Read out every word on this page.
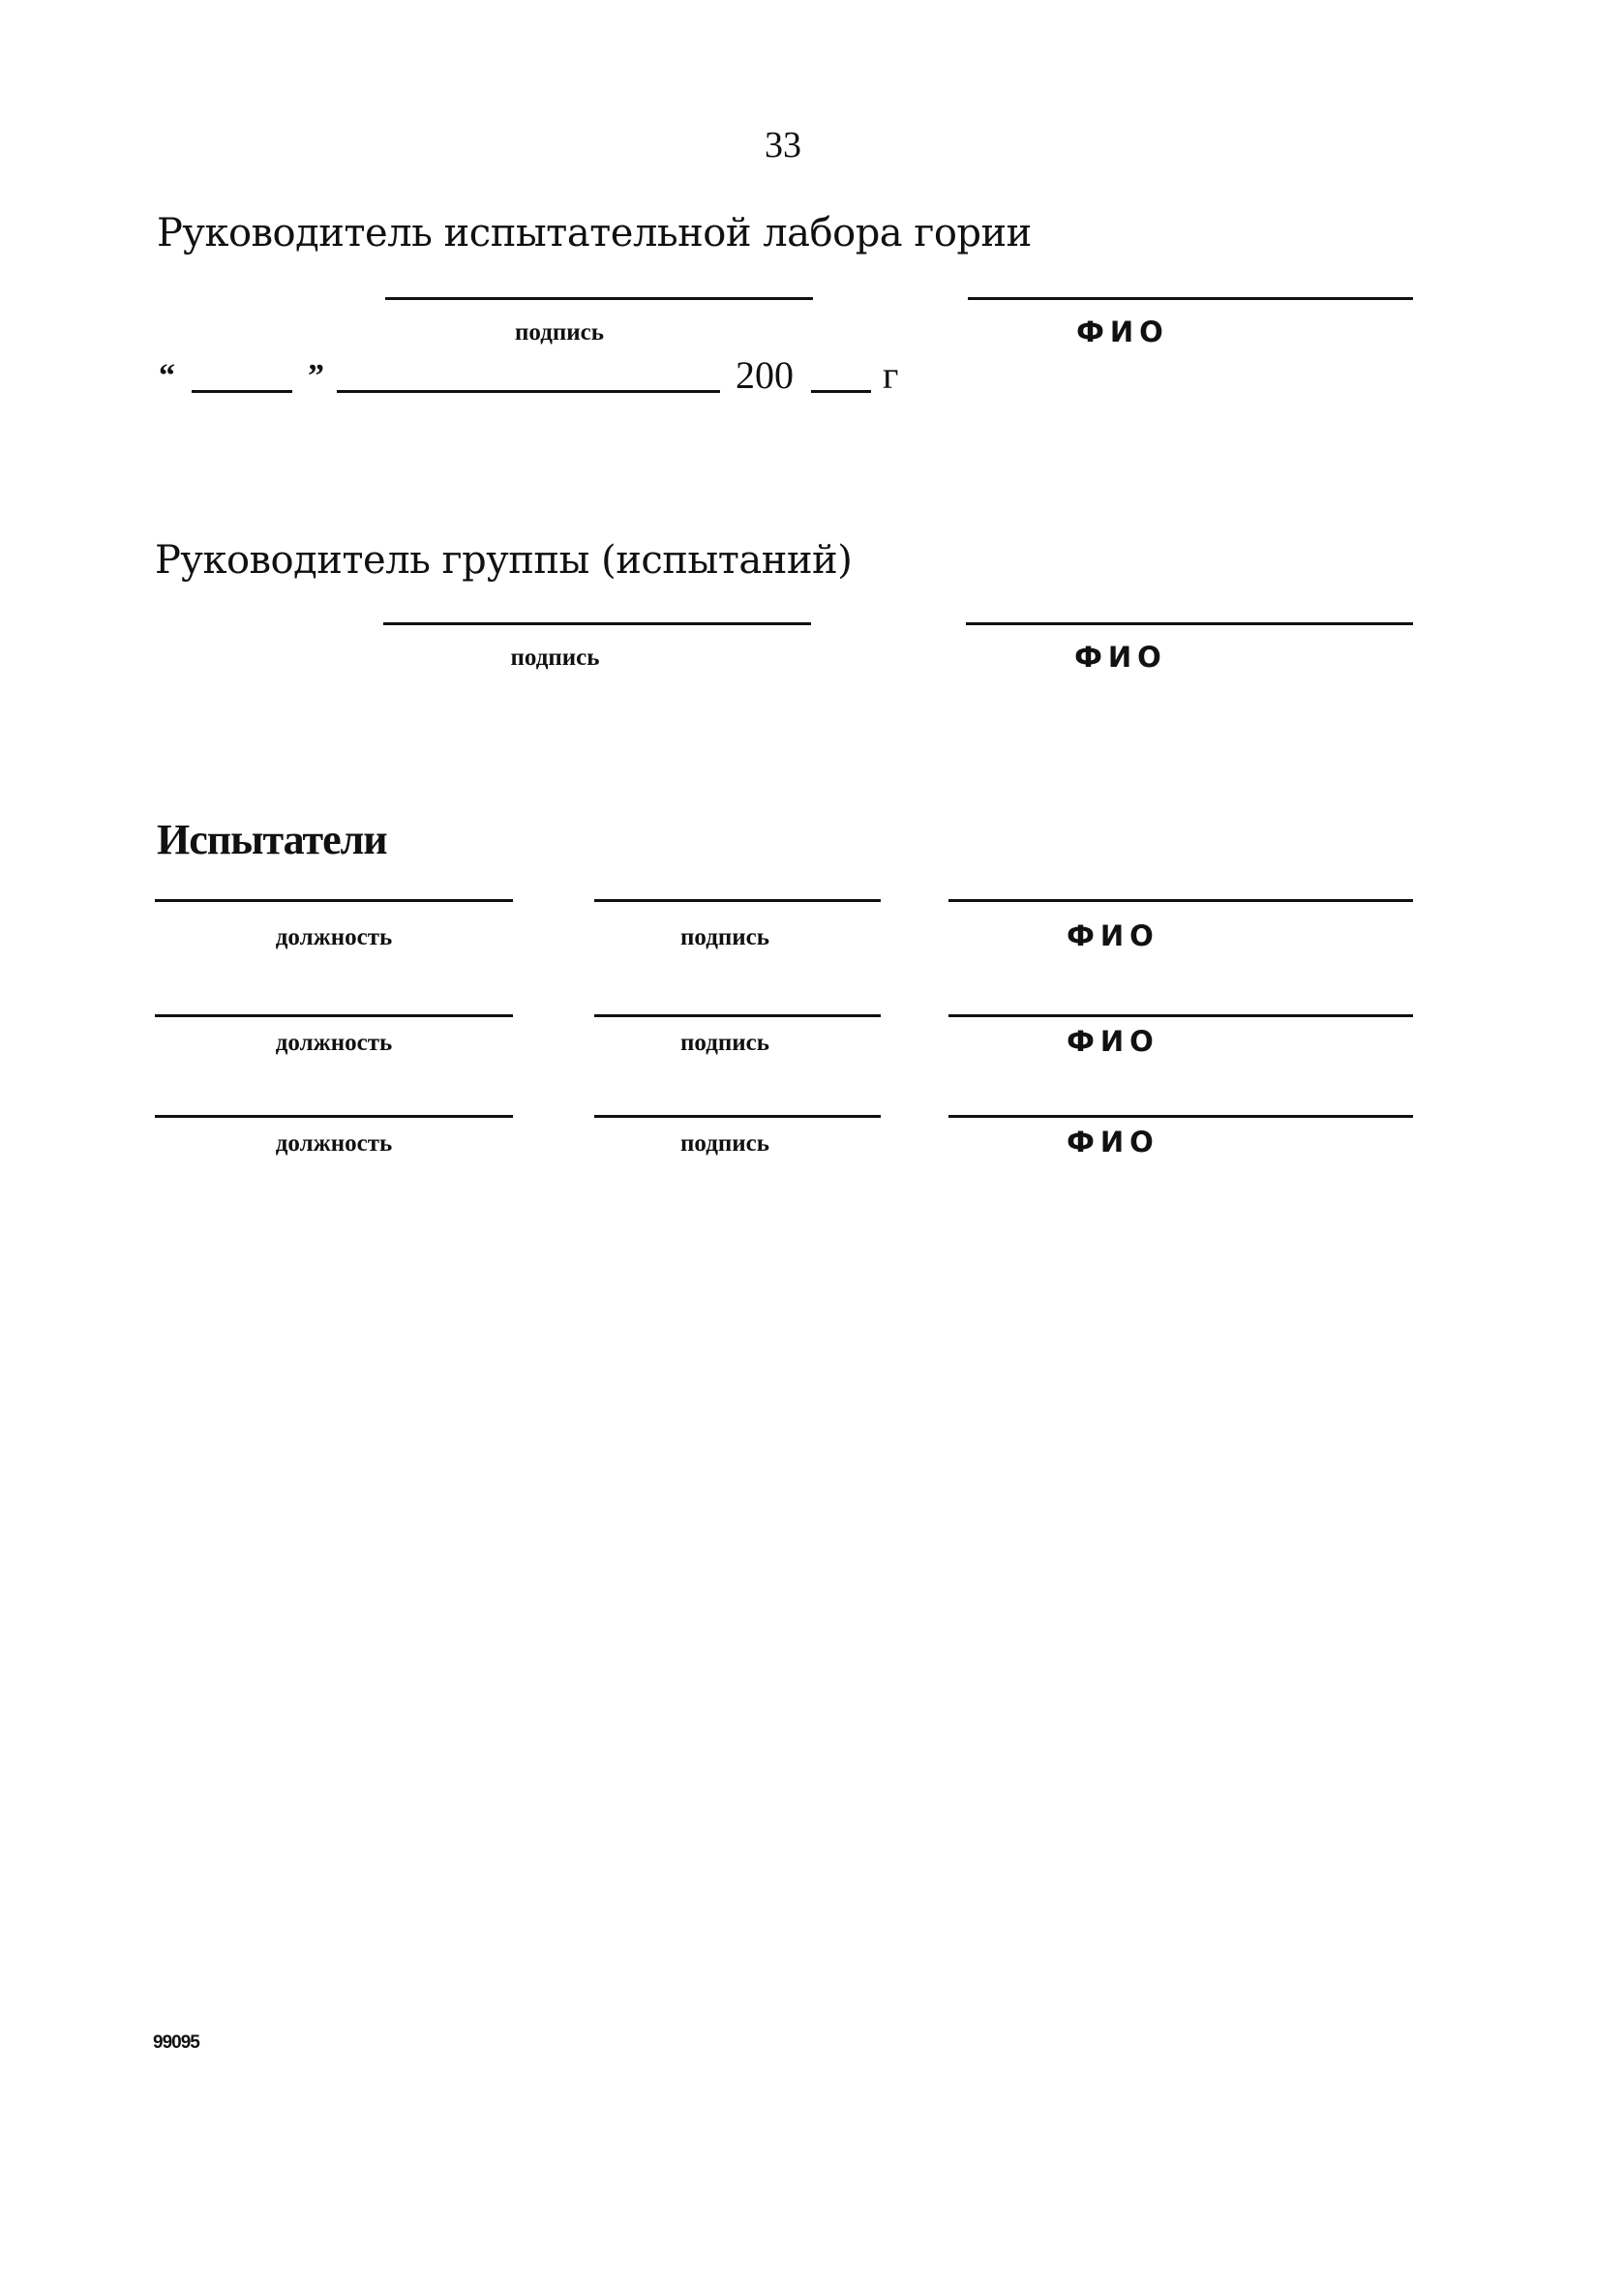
33
Руководитель испытательной лабора гории
подпись	ФИО
“	”	200 г
Руководитель группы (испытаний)
подпись	ФИО
Испытатели
должность	подпись	ФИО
должность	подпись	ФИО
должность	подпись	ФИО
99095
